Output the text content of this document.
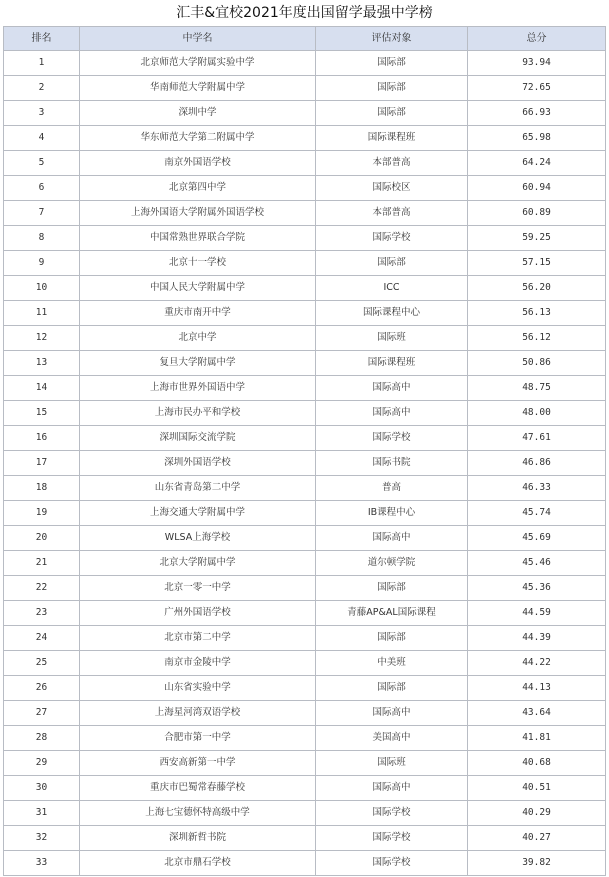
汇丰&宜校2021年度出国留学最强中学榜
排名	中学名	评估对象	总分
1	北京师范大学附属实验中学	国际部	93.94
2	华南师范大学附属中学	国际部	72.65
3	深圳中学	国际部	66.93
4	华东师范大学第二附属中学	国际课程班	65.98
5	南京外国语学校	本部普高	64.24
6	北京第四中学	国际校区	60.94
7	上海外国语大学附属外国语学校	本部普高	60.89
8	中国常熟世界联合学院	国际学校	59.25
9	北京十一学校	国际部	57.15
10	中国人民大学附属中学	ICC	56.20
11	重庆市南开中学	国际课程中心	56.13
12	北京中学	国际班	56.12
13	复旦大学附属中学	国际课程班	50.86
14	上海市世界外国语中学	国际高中	48.75
15	上海市民办平和学校	国际高中	48.00
16	深圳国际交流学院	国际学校	47.61
17	深圳外国语学校	国际书院	46.86
18	山东省青岛第二中学	普高	46.33
19	上海交通大学附属中学	IB课程中心	45.74
20	WLSA上海学校	国际高中	45.69
21	北京大学附属中学	道尔顿学院	45.46
22	北京一零一中学	国际部	45.36
23	广州外国语学校	青藤AP&AL国际课程	44.59
24	北京市第二中学	国际部	44.39
25	南京市金陵中学	中美班	44.22
26	山东省实验中学	国际部	44.13
27	上海星河湾双语学校	国际高中	43.64
28	合肥市第一中学	美国高中	41.81
29	西安高新第一中学	国际班	40.68
30	重庆市巴蜀常春藤学校	国际高中	40.51
31	上海七宝德怀特高级中学	国际学校	40.29
32	深圳新哲书院	国际学校	40.27
33	北京市鼎石学校	国际学校	39.82
